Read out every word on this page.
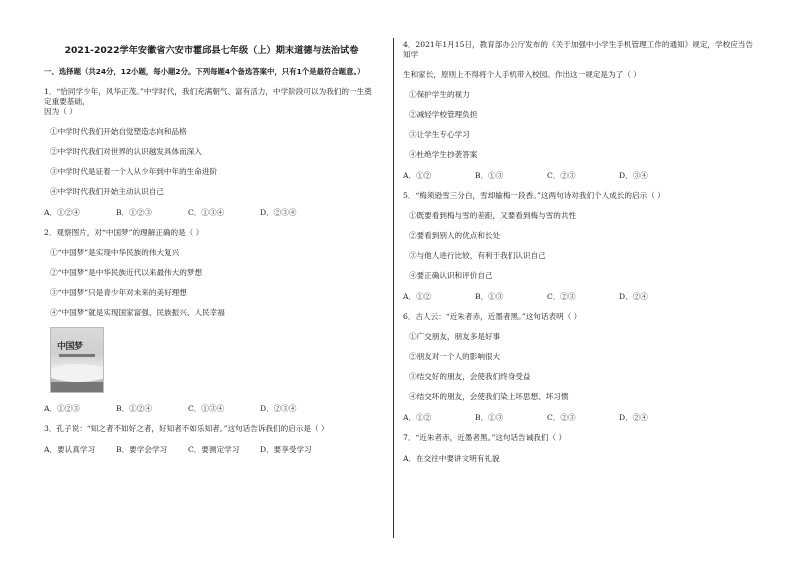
2021-2022学年安徽省六安市霍邱县七年级（上）期末道德与法治试卷
一、选择题（共24分，12小题，每小题2分。下列每题4个备选答案中，只有1个是最符合题意。）
1．“恰同学少年，风华正茂。”中学时代，我们充满朝气、富有活力，中学阶段可以为我们的一生奠定重要基础，
因为（ ）
①中学时代我们开始自觉塑造志向和品格
②中学时代我们对世界的认识越发具体而深入
③中学时代是证着一个人从少年到中年的生命进阶
④中学时代我们开始主动认识自己
A．①②④	B．①②③	C．①③④	D．②③④
2．观察图片，对“中国梦”的理解正确的是（ ）
①“中国梦”是实现中华民族的伟大复兴
②“中国梦”是中华民族近代以来最伟大的梦想
③“中国梦”只是青少年对未来的美好理想
④“中国梦”就是实现国家富强、民族振兴、人民幸福
中国梦
A．①②③	B．①②④	C．①③④	D．②③④
3．孔子说：“知之者不如好之者，好知者不如乐知者。”这句话告诉我们的启示是（ ）
A．要认真学习	B．要学会学习	C．要测定学习	D．要享受学习
4．2021年1月15日，教育部办公厅发布的《关于加强中小学生手机管理工作的通知》规定，学校应当告知学
生和家长，原则上不得将个人手机带入校园。作出这一规定是为了（ ）
①保护学生的视力
②减轻学校管理负担
③让学生专心学习
④杜绝学生抄袭答案
A．①②	B．①③	C．②③	D．③④
5．“梅须逊雪三分白，雪却输梅一段香。”这两句诗对我们个人成长的启示（ ）
①既要看到梅与雪的差距，又要看到梅与雪的共性
②要看到别人的优点和长处
③与他人进行比较，有利于我们认识自己
④要正确认识和评价自己
A．①②	B．①③	C．②③	D．②④
6．古人云：“近朱者赤，近墨者黑。”这句话表明（ ）
①广交朋友，朋友多是好事
②朋友对一个人的影响很大
③结交好的朋友，会使我们终身受益
④结交坏的朋友，会使我们染上坏思想、坏习惯
A．①②	B．①③	C．②③	D．②④
7．“近朱者赤，近墨者黑。”这句话告诫我们（ ）
A．在交往中要讲文明有礼貌
